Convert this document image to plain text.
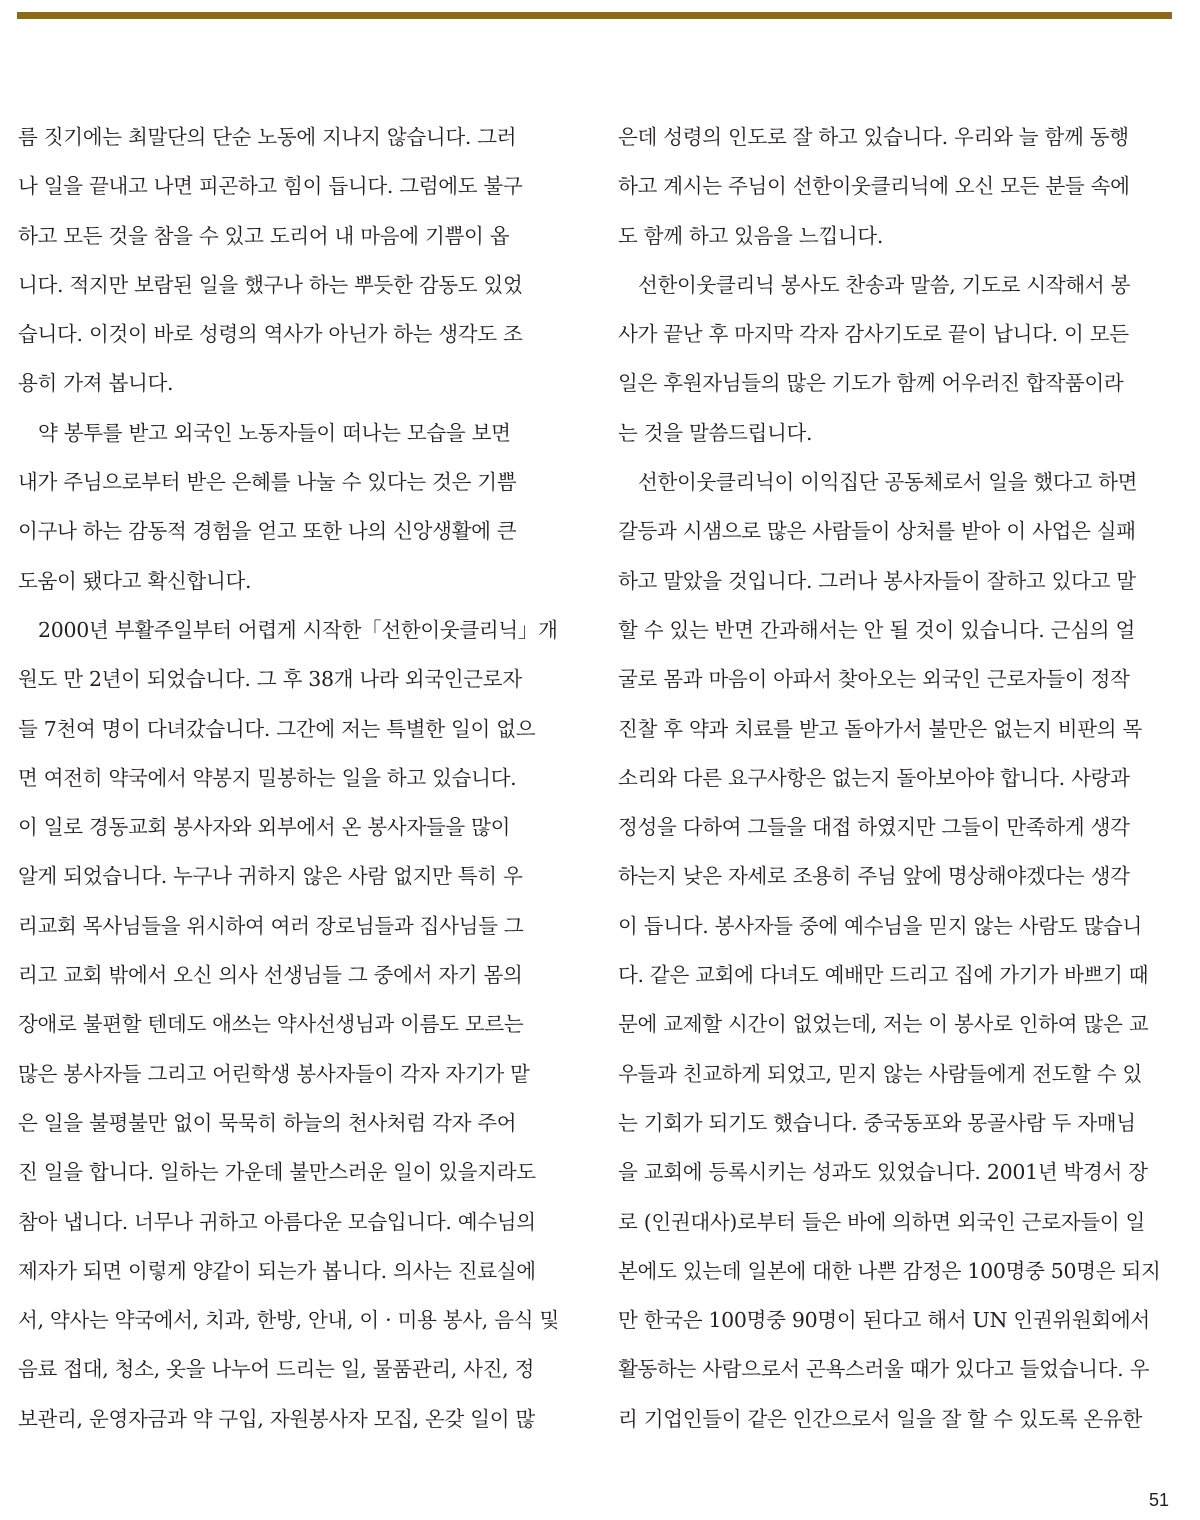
름 짓기에는 최말단의 단순 노동에 지나지 않습니다. 그러
나 일을 끝내고 나면 피곤하고 힘이 듭니다. 그럼에도 불구
하고 모든 것을 참을 수 있고 도리어 내 마음에 기쁨이 옵
니다. 적지만 보람된 일을 했구나 하는 뿌듯한 감동도 있었
습니다. 이것이 바로 성령의 역사가 아닌가 하는 생각도 조
용히 가져 봅니다.
약 봉투를 받고 외국인 노동자들이 떠나는 모습을 보면
내가 주님으로부터 받은 은혜를 나눌 수 있다는 것은 기쁨
이구나 하는 감동적 경험을 얻고 또한 나의 신앙생활에 큰
도움이 됐다고 확신합니다.
2000년 부활주일부터 어렵게 시작한「선한이웃클리닉」개
원도 만 2년이 되었습니다. 그 후 38개 나라 외국인근로자
들 7천여 명이 다녀갔습니다. 그간에 저는 특별한 일이 없으
면 여전히 약국에서 약봉지 밀봉하는 일을 하고 있습니다.
이 일로 경동교회 봉사자와 외부에서 온 봉사자들을 많이
알게 되었습니다. 누구나 귀하지 않은 사람 없지만 특히 우
리교회 목사님들을 위시하여 여러 장로님들과 집사님들 그
리고 교회 밖에서 오신 의사 선생님들 그 중에서 자기 몸의
장애로 불편할 텐데도 애쓰는 약사선생님과 이름도 모르는
많은 봉사자들 그리고 어린학생 봉사자들이 각자 자기가 맡
은 일을 불평불만 없이 묵묵히 하늘의 천사처럼 각자 주어
진 일을 합니다. 일하는 가운데 불만스러운 일이 있을지라도
참아 냅니다. 너무나 귀하고 아름다운 모습입니다. 예수님의
제자가 되면 이렇게 양같이 되는가 봅니다. 의사는 진료실에
서, 약사는 약국에서, 치과, 한방, 안내, 이 · 미용 봉사, 음식 및
음료 접대, 청소, 옷을 나누어 드리는 일, 물품관리, 사진, 정
보관리, 운영자금과 약 구입, 자원봉사자 모집, 온갖 일이 많
은데 성령의 인도로 잘 하고 있습니다. 우리와 늘 함께 동행
하고 계시는 주님이 선한이웃클리닉에 오신 모든 분들 속에
도 함께 하고 있음을 느낍니다.
선한이웃클리닉 봉사도 찬송과 말씀, 기도로 시작해서 봉
사가 끝난 후 마지막 각자 감사기도로 끝이 납니다. 이 모든
일은 후원자님들의 많은 기도가 함께 어우러진 합작품이라
는 것을 말씀드립니다.
선한이웃클리닉이 이익집단 공동체로서 일을 했다고 하면
갈등과 시샘으로 많은 사람들이 상처를 받아 이 사업은 실패
하고 말았을 것입니다. 그러나 봉사자들이 잘하고 있다고 말
할 수 있는 반면 간과해서는 안 될 것이 있습니다. 근심의 얼
굴로 몸과 마음이 아파서 찾아오는 외국인 근로자들이 정작
진찰 후 약과 치료를 받고 돌아가서 불만은 없는지 비판의 목
소리와 다른 요구사항은 없는지 돌아보아야 합니다. 사랑과
정성을 다하여 그들을 대접 하였지만 그들이 만족하게 생각
하는지 낮은 자세로 조용히 주님 앞에 명상해야겠다는 생각
이 듭니다. 봉사자들 중에 예수님을 믿지 않는 사람도 많습니
다. 같은 교회에 다녀도 예배만 드리고 집에 가기가 바쁘기 때
문에 교제할 시간이 없었는데, 저는 이 봉사로 인하여 많은 교
우들과 친교하게 되었고, 믿지 않는 사람들에게 전도할 수 있
는 기회가 되기도 했습니다. 중국동포와 몽골사람 두 자매님
을 교회에 등록시키는 성과도 있었습니다. 2001년 박경서 장
로 (인권대사)로부터 들은 바에 의하면 외국인 근로자들이 일
본에도 있는데 일본에 대한 나쁜 감정은 100명중 50명은 되지
만 한국은 100명중 90명이 된다고 해서 UN 인권위원회에서
활동하는 사람으로서 곤욕스러울 때가 있다고 들었습니다. 우
리 기업인들이 같은 인간으로서 일을 잘 할 수 있도록 온유한
51
